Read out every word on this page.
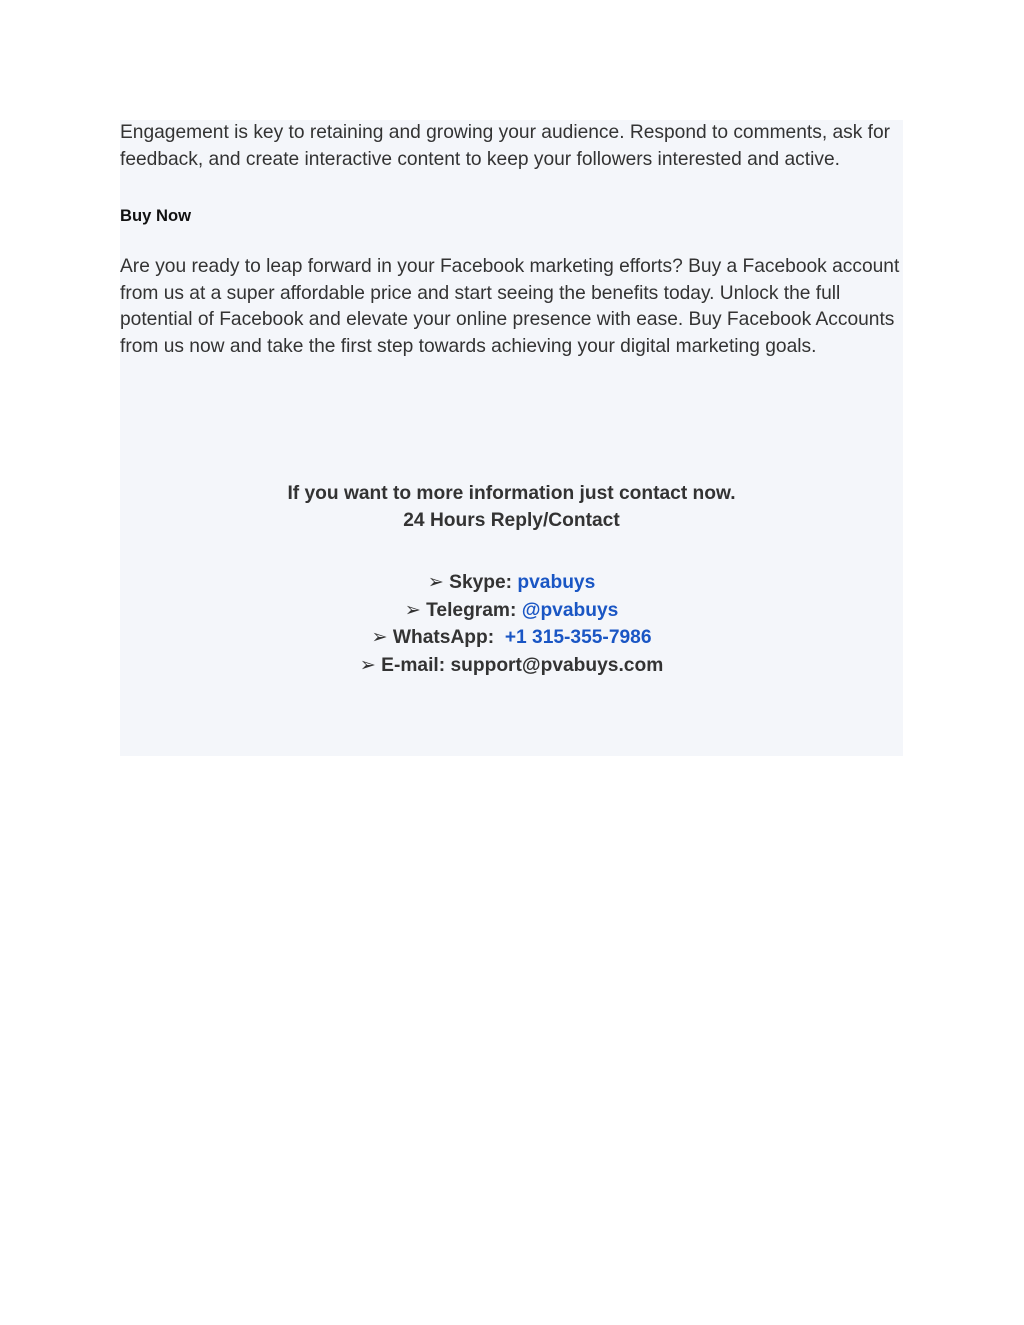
Engagement is key to retaining and growing your audience. Respond to comments, ask for feedback, and create interactive content to keep your followers interested and active.

Buy Now

Are you ready to leap forward in your Facebook marketing efforts? Buy a Facebook account from us at a super affordable price and start seeing the benefits today. Unlock the full potential of Facebook and elevate your online presence with ease. Buy Facebook Accounts from us now and take the first step towards achieving your digital marketing goals.

If you want to more information just contact now.
24 Hours Reply/Contact
➢ Skype: pvabuys
➢ Telegram: @pvabuys
➢ WhatsApp: +1 315-355-7986
➢ E-mail: support@pvabuys.com
